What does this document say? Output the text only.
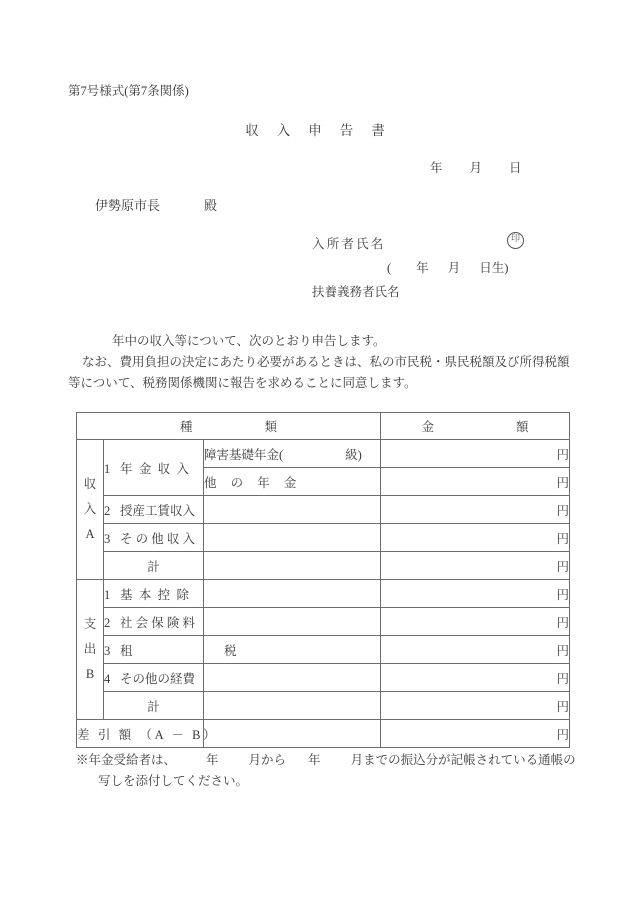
第7号様式(第7条関係)
収 入 申 告 書
年 月 日
伊勢原市長	殿
入所者氏名	印
( 年 月 日生)
扶養義務者氏名
年中の収入等について、次のとおり申告します。
なお、費用負担の決定にあたり必要があるときは、私の市民税・県民税額及び所得税額
等について、税務関係機関に報告を求めることに同意します。
種 類			金 額

収
入
A	1 年 金 収 入	障害基礎年金( 級)	円
		他 の 年 金	円
	2 授産工賃収入		円
	3 そ の 他 収 入		円
	計		円

支
出
B	1 基 本 控 除		円
	2 社 会 保 険 料		円
	3 租　　　税		円
	4 その他の経費		円
	計		円
差 引 額 （A － B）			円
※年金受給者は、 年 月から 年 月までの振込分が記帳されている通帳の
写しを添付してください。
